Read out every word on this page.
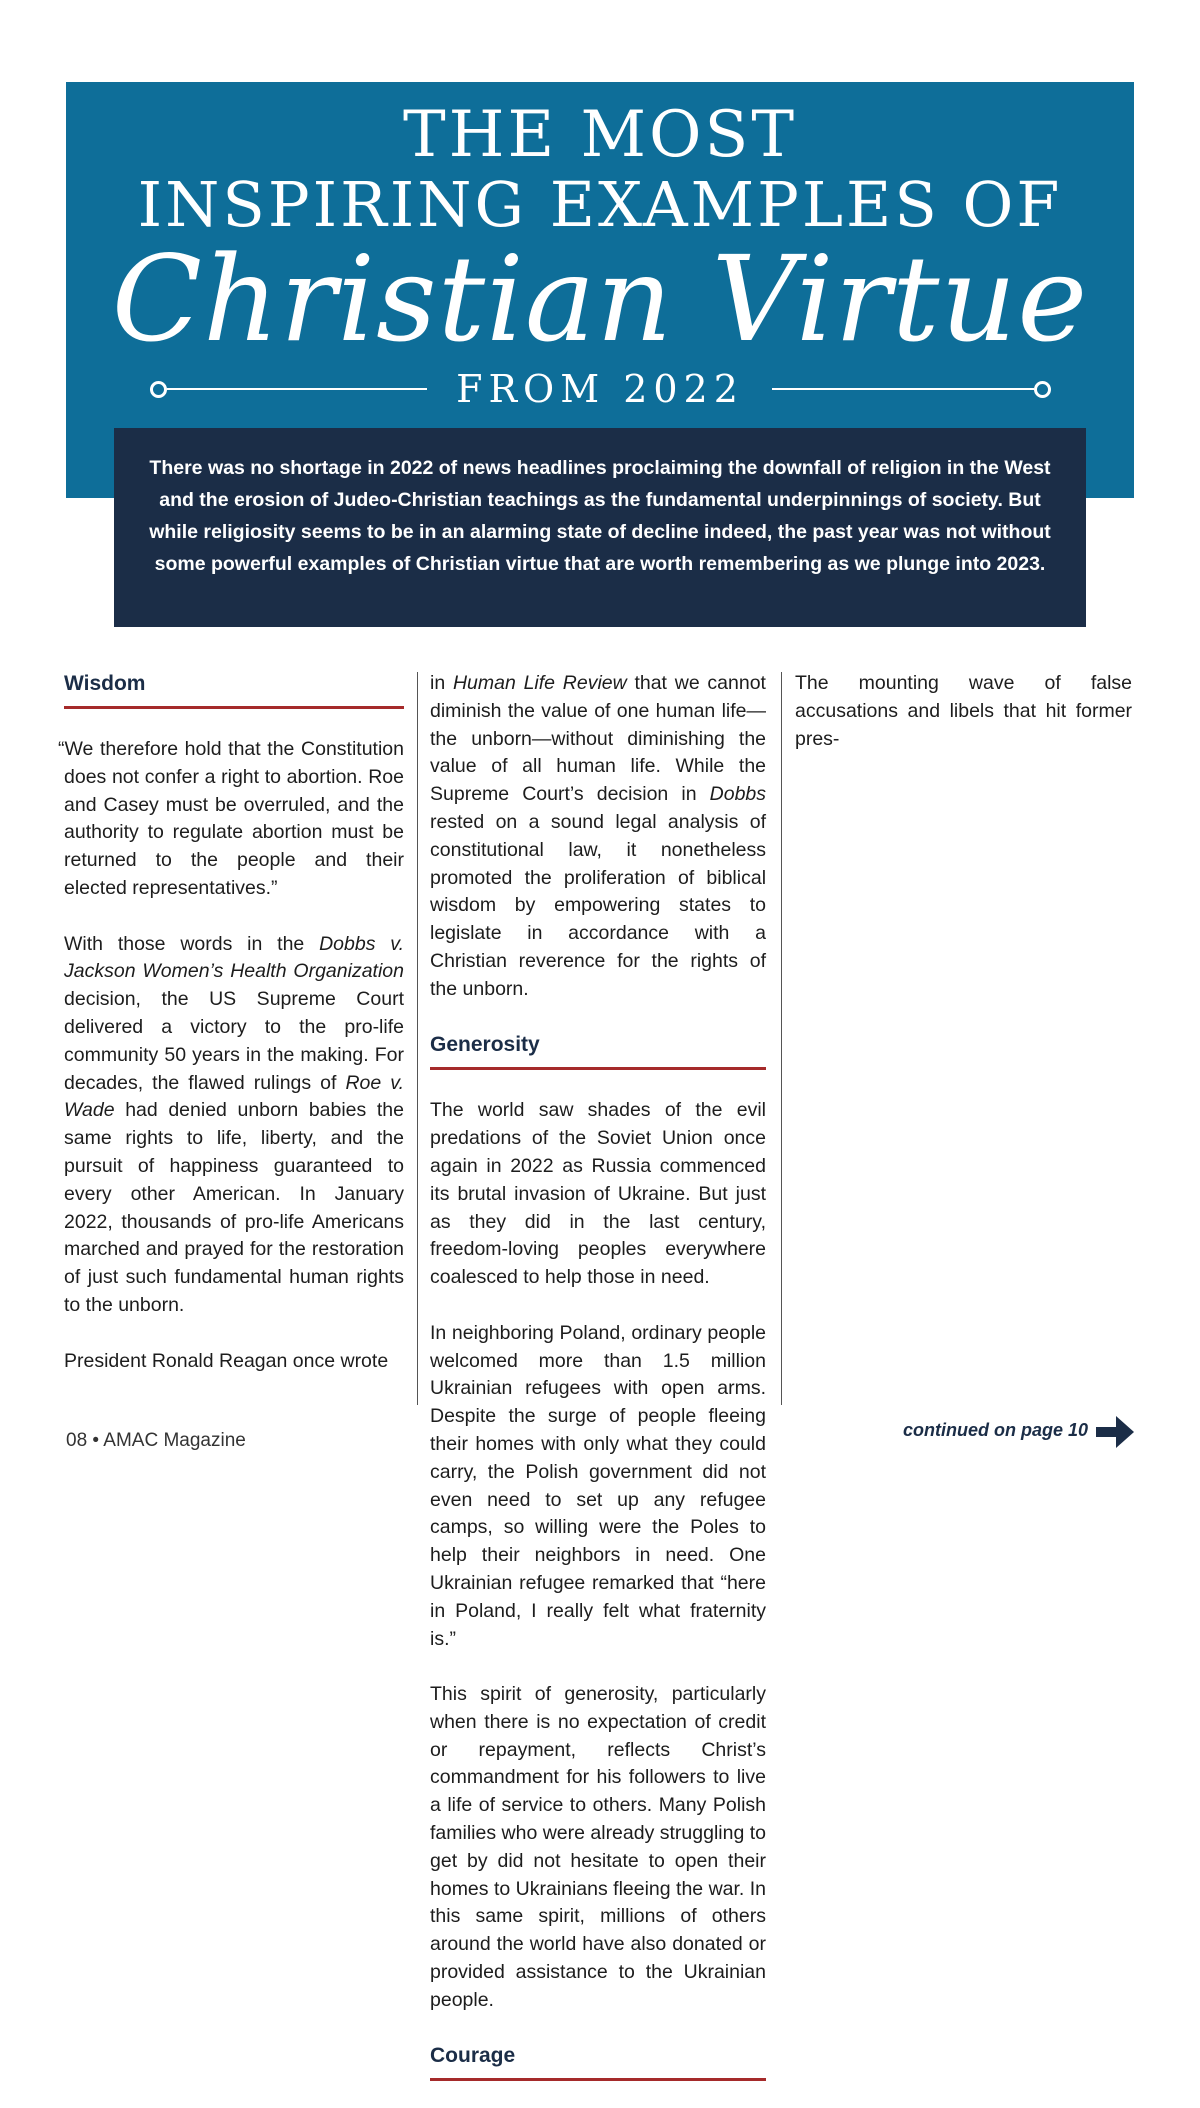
THE MOST
INSPIRING EXAMPLES OF
Christian Virtue
FROM 2022
There was no shortage in 2022 of news headlines proclaiming the downfall of religion in the West and the erosion of Judeo-Christian teachings as the fundamental underpinnings of society. But while religiosity seems to be in an alarming state of decline indeed, the past year was not without some powerful examples of Christian virtue that are worth remembering as we plunge into 2023.
Wisdom

“We therefore hold that the Constitution does not confer a right to abortion. Roe and Casey must be overruled, and the authority to regulate abortion must be returned to the people and their elected representatives.”

With those words in the Dobbs v. Jackson Women’s Health Organization decision, the US Supreme Court delivered a victory to the pro-life community 50 years in the making. For decades, the flawed rulings of Roe v. Wade had denied unborn babies the same rights to life, liberty, and the pursuit of happiness guaranteed to every other American. In January 2022, thousands of pro-life Americans marched and prayed for the restoration of just such fundamental human rights to the unborn.

President Ronald Reagan once wrote

in Human Life Review that we cannot diminish the value of one human life—the unborn—without diminishing the value of all human life. While the Supreme Court’s decision in Dobbs rested on a sound legal analysis of constitutional law, it nonetheless promoted the proliferation of biblical wisdom by empowering states to legislate in accordance with a Christian reverence for the rights of the unborn.

Generosity

The world saw shades of the evil predations of the Soviet Union once again in 2022 as Russia commenced its brutal invasion of Ukraine. But just as they did in the last century, freedom-loving peoples everywhere coalesced to help those in need.

In neighboring Poland, ordinary people welcomed more than 1.5 million Ukrainian refugees with open arms. Despite the surge of people fleeing their homes with only what they could carry, the Polish government did not even need to set up any refugee camps, so willing were the Poles to help their neighbors in need. One Ukrainian refugee remarked that “here in Poland, I really felt what fraternity is.”

This spirit of generosity, particularly when there is no expectation of credit or repayment, reflects Christ’s commandment for his followers to live a life of service to others. Many Polish families who were already struggling to get by did not hesitate to open their homes to Ukrainians fleeing the war. In this same spirit, millions of others around the world have also donated or provided assistance to the Ukrainian people.

Courage

The mounting wave of false accusations and libels that hit former pres-

08 • AMAC Magazine	continued on page 10
